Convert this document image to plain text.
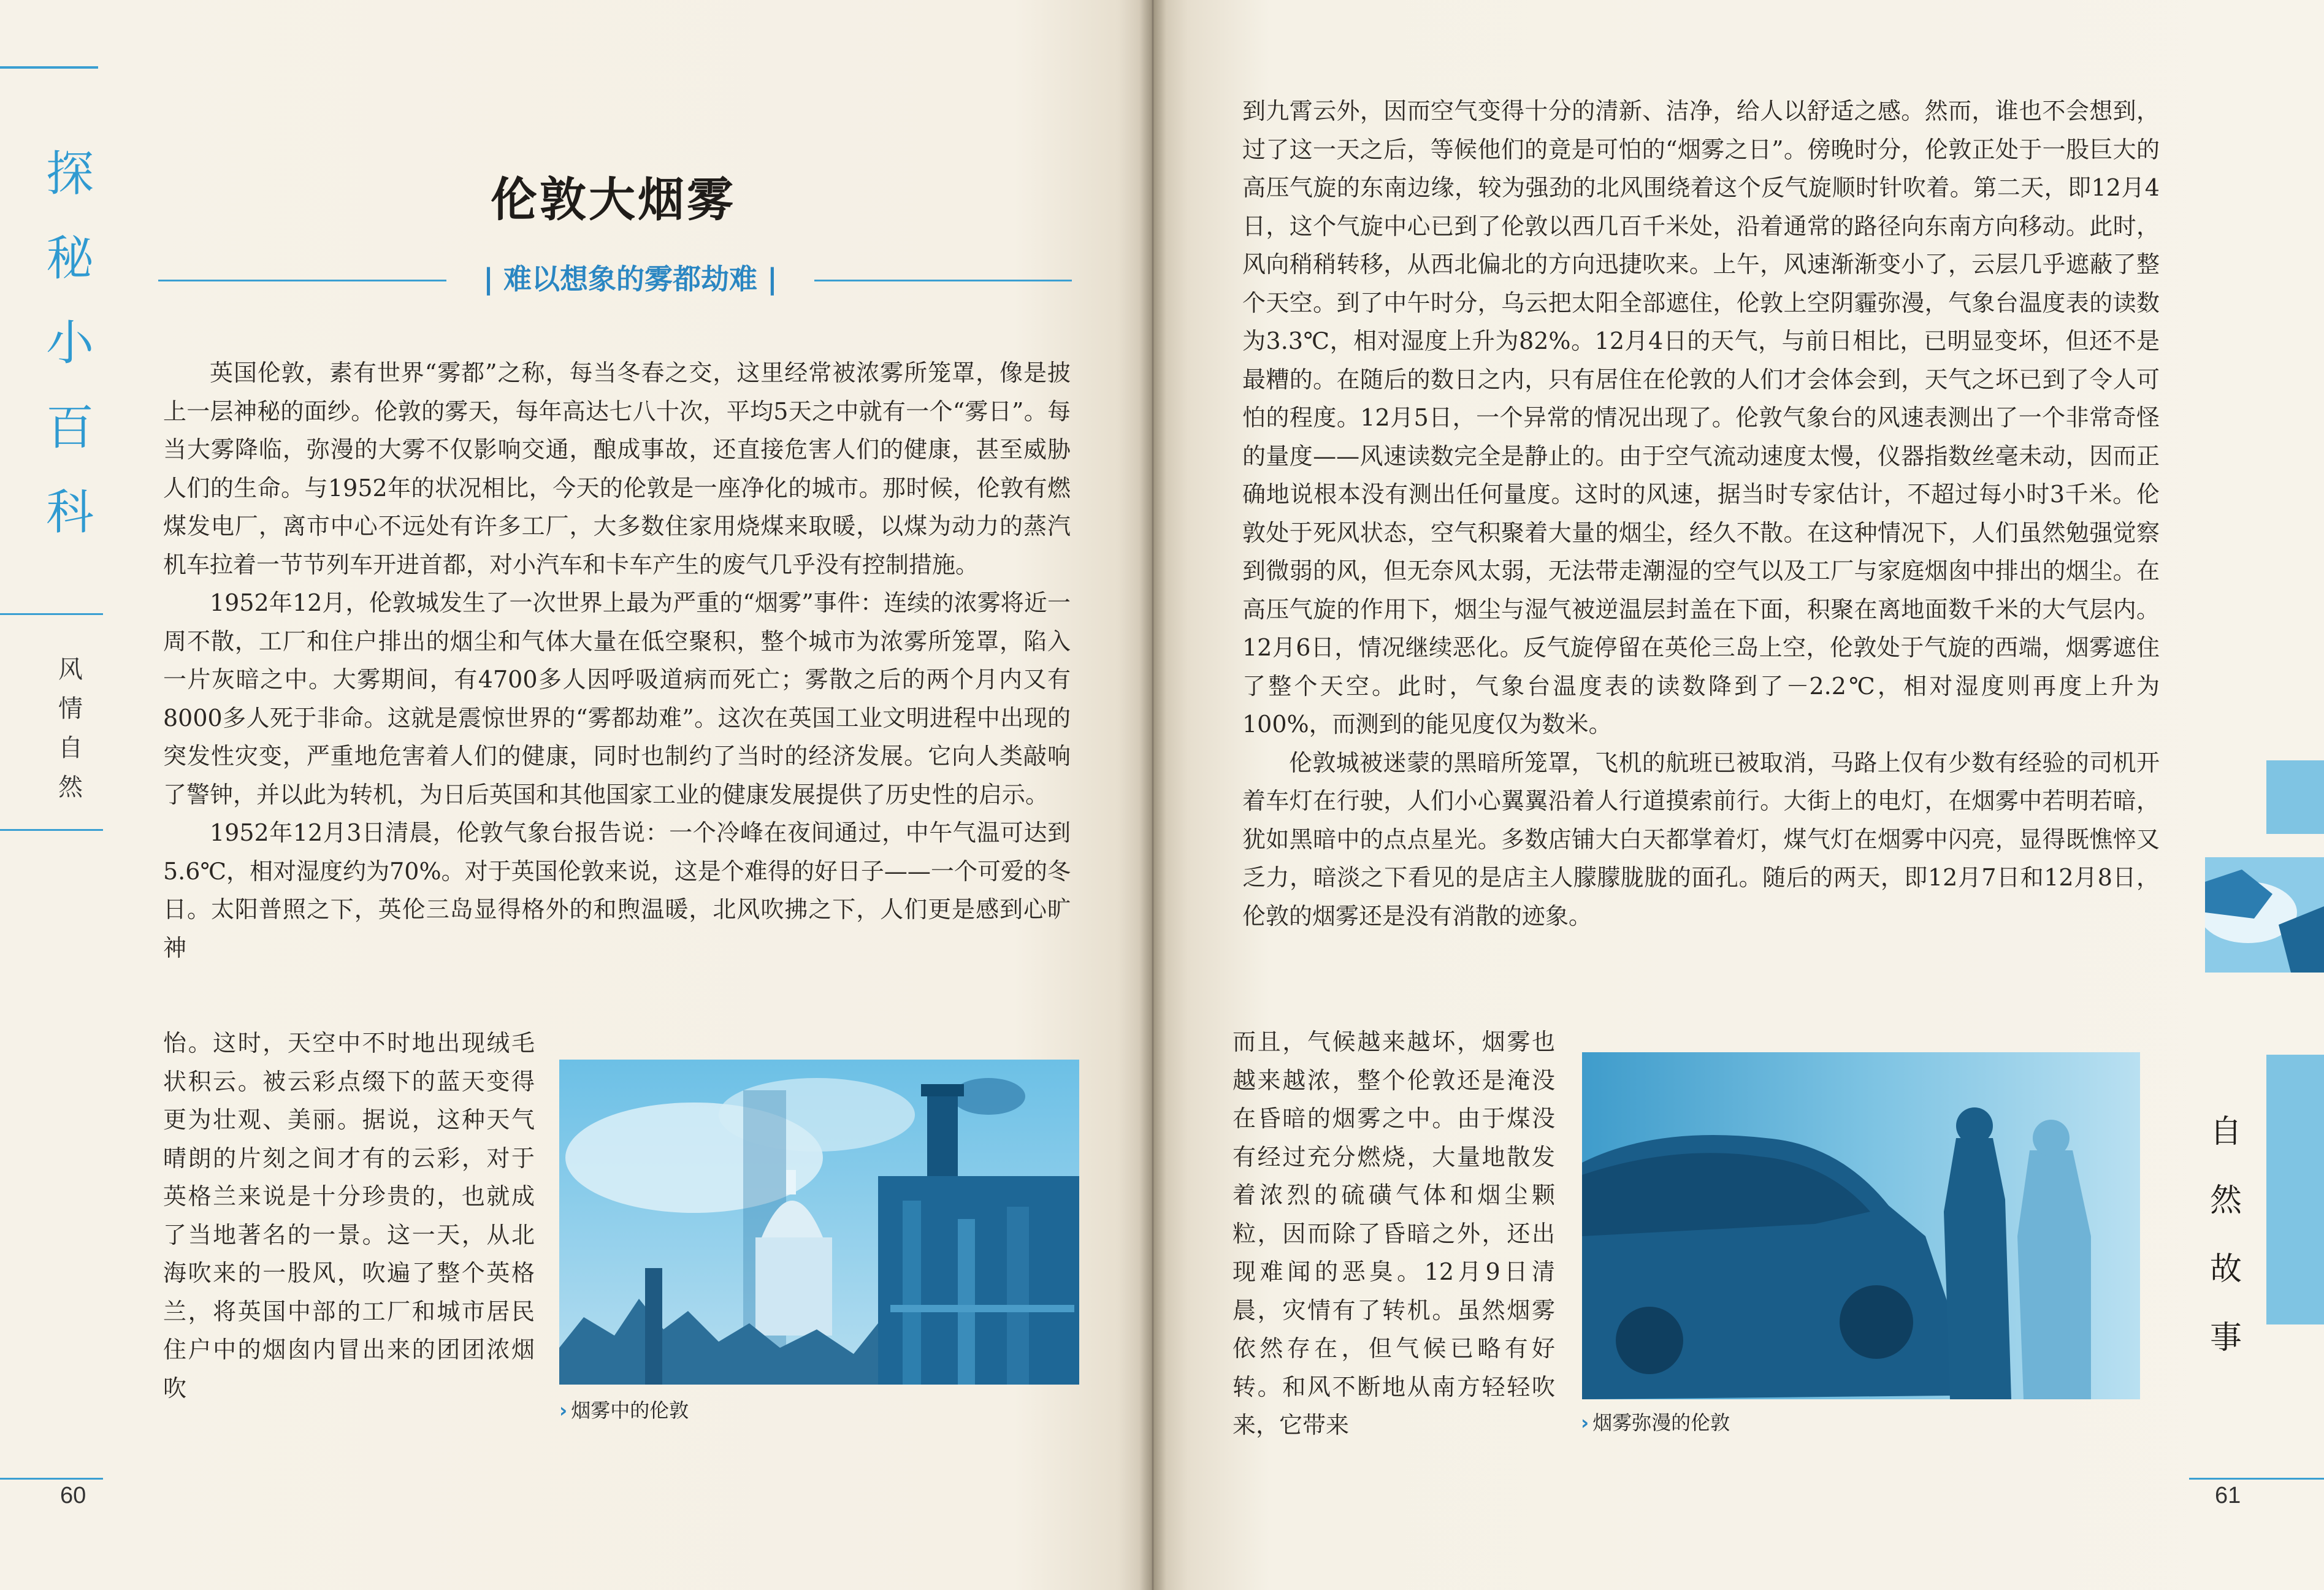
探
秘
小
百
科
风
情
自
然
伦敦大烟雾
| 难以想象的雾都劫难 |

英国伦敦，素有世界“雾都”之称，每当冬春之交，这里经常被浓雾所笼罩，像是披上一层神秘的面纱。伦敦的雾天，每年高达七八十次，平均5天之中就有一个“雾日”。每当大雾降临，弥漫的大雾不仅影响交通，酿成事故，还直接危害人们的健康，甚至威胁人们的生命。与1952年的状况相比，今天的伦敦是一座净化的城市。那时候，伦敦有燃煤发电厂，离市中心不远处有许多工厂，大多数住家用烧煤来取暖，以煤为动力的蒸汽机车拉着一节节列车开进首都，对小汽车和卡车产生的废气几乎没有控制措施。

1952年12月，伦敦城发生了一次世界上最为严重的“烟雾”事件：连续的浓雾将近一周不散，工厂和住户排出的烟尘和气体大量在低空聚积，整个城市为浓雾所笼罩，陷入一片灰暗之中。大雾期间，有4700多人因呼吸道病而死亡；雾散之后的两个月内又有8000多人死于非命。这就是震惊世界的“雾都劫难”。这次在英国工业文明进程中出现的突发性灾变，严重地危害着人们的健康，同时也制约了当时的经济发展。它向人类敲响了警钟，并以此为转机，为日后英国和其他国家工业的健康发展提供了历史性的启示。

1952年12月3日清晨，伦敦气象台报告说：一个冷峰在夜间通过，中午气温可达到5.6℃，相对湿度约为70%。对于英国伦敦来说，这是个难得的好日子——一个可爱的冬日。太阳普照之下，英伦三岛显得格外的和煦温暖，北风吹拂之下，人们更是感到心旷神

怡。这时，天空中不时地出现绒毛状积云。被云彩点缀下的蓝天变得更为壮观、美丽。据说，这种天气晴朗的片刻之间才有的云彩，对于英格兰来说是十分珍贵的，也就成了当地著名的一景。这一天，从北海吹来的一股风，吹遍了整个英格兰，将英国中部的工厂和城市居民住户中的烟囱内冒出来的团团浓烟吹

› 烟雾中的伦敦
60

到九霄云外，因而空气变得十分的清新、洁净，给人以舒适之感。然而，谁也不会想到，过了这一天之后，等候他们的竟是可怕的“烟雾之日”。傍晚时分，伦敦正处于一股巨大的高压气旋的东南边缘，较为强劲的北风围绕着这个反气旋顺时针吹着。第二天，即12月4日，这个气旋中心已到了伦敦以西几百千米处，沿着通常的路径向东南方向移动。此时，风向稍稍转移，从西北偏北的方向迅捷吹来。上午，风速渐渐变小了，云层几乎遮蔽了整个天空。到了中午时分，乌云把太阳全部遮住，伦敦上空阴霾弥漫，气象台温度表的读数为3.3℃，相对湿度上升为82%。12月4日的天气，与前日相比，已明显变坏，但还不是最糟的。在随后的数日之内，只有居住在伦敦的人们才会体会到，天气之坏已到了令人可怕的程度。12月5日，一个异常的情况出现了。伦敦气象台的风速表测出了一个非常奇怪的量度——风速读数完全是静止的。由于空气流动速度太慢，仪器指数丝毫未动，因而正确地说根本没有测出任何量度。这时的风速，据当时专家估计，不超过每小时3千米。伦敦处于死风状态，空气积聚着大量的烟尘，经久不散。在这种情况下，人们虽然勉强觉察到微弱的风，但无奈风太弱，无法带走潮湿的空气以及工厂与家庭烟囱中排出的烟尘。在高压气旋的作用下，烟尘与湿气被逆温层封盖在下面，积聚在离地面数千米的大气层内。12月6日，情况继续恶化。反气旋停留在英伦三岛上空，伦敦处于气旋的西端，烟雾遮住了整个天空。此时，气象台温度表的读数降到了－2.2℃，相对湿度则再度上升为100%，而测到的能见度仅为数米。

伦敦城被迷蒙的黑暗所笼罩，飞机的航班已被取消，马路上仅有少数有经验的司机开着车灯在行驶，人们小心翼翼沿着人行道摸索前行。大街上的电灯，在烟雾中若明若暗，犹如黑暗中的点点星光。多数店铺大白天都掌着灯，煤气灯在烟雾中闪亮，显得既憔悴又乏力，暗淡之下看见的是店主人朦朦胧胧的面孔。随后的两天，即12月7日和12月8日，伦敦的烟雾还是没有消散的迹象。

而且，气候越来越坏，烟雾也越来越浓，整个伦敦还是淹没在昏暗的烟雾之中。由于煤没有经过充分燃烧，大量地散发着浓烈的硫磺气体和烟尘颗粒，因而除了昏暗之外，还出现难闻的恶臭。12月9日清晨，灾情有了转机。虽然烟雾依然存在，但气候已略有好转。和风不断地从南方轻轻吹来，它带来	› 烟雾弥漫的伦敦
自
然
故
事
61
